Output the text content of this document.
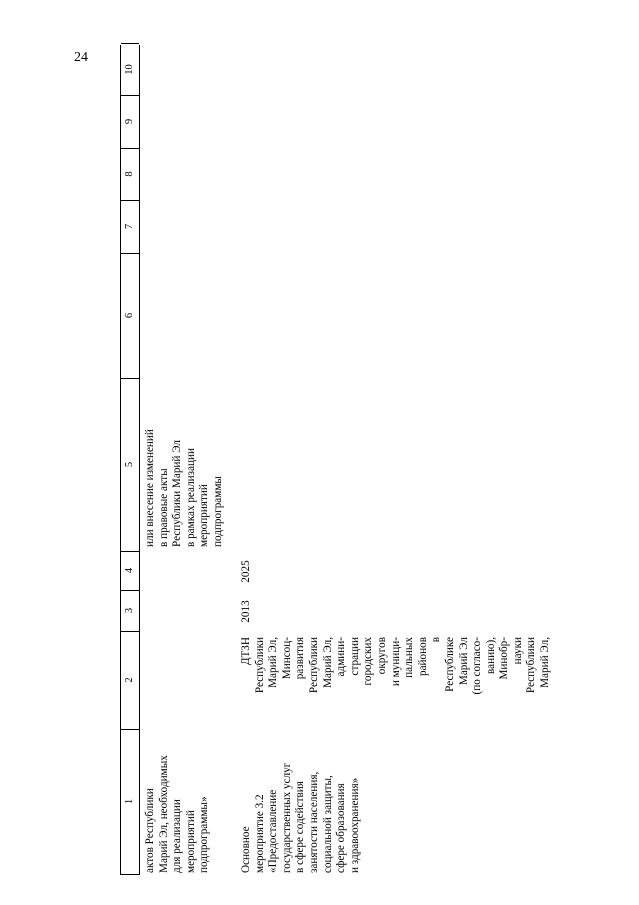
24
1
2
3
4
5
6
7
8
9
10
актов Республики Марий Эл, необходимых для реализации мероприятий подпрограммы»
или внесение изменений в правовые акты Республики Марий Эл в рамках реализации мероприятий подпрограммы
Основное мероприятие 3.2 «Предоставление государственных услуг в сфере содействия занятости населения, социальной защиты, сфере образования и здравоохранения»
ДТЗН Республики Марий Эл, Минсоц- развития Республики Марий Эл, админи- страции городских округов и муници- пальных районов в Республике Марий Эл (по согласо- ванию), Минобр- науки Республики Марий Эл,
2013
2025
